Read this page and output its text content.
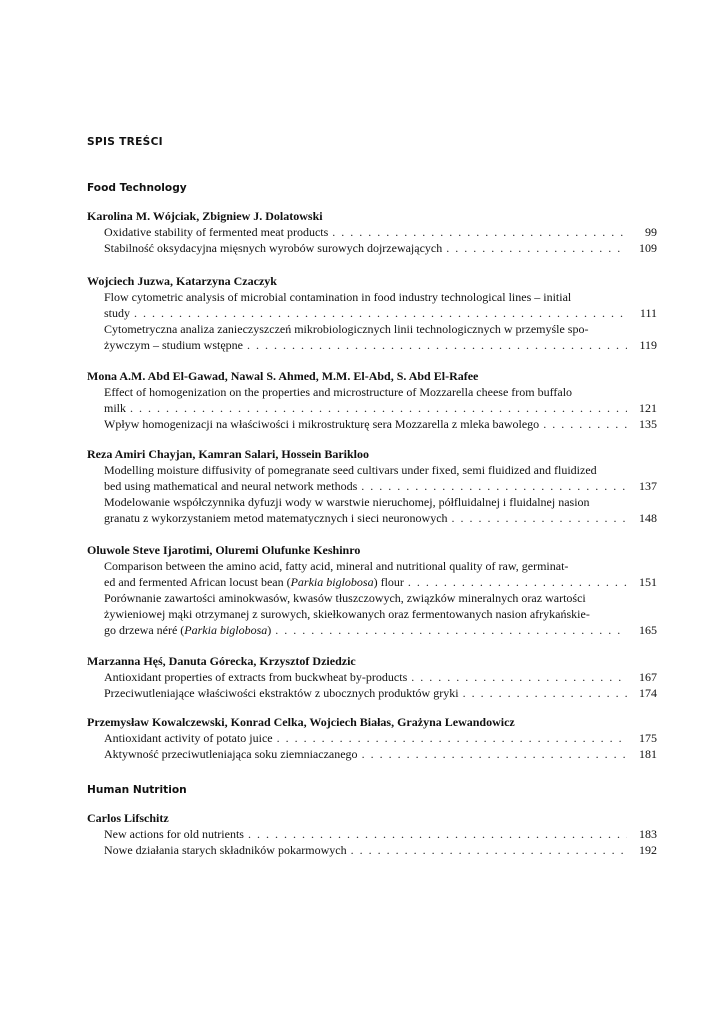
SPIS TREŚCI
Food Technology

Karolina M. Wójciak, Zbigniew J. Dolatowski

Oxidative stability of fermented meat products . . .	99
Stabilność oksydacyjna mięsnych wyrobów surowych dojrzewających . . .	109

Wojciech Juzwa, Katarzyna Czaczyk

Flow cytometric analysis of microbial contamination in food industry technological lines – initial
study . . .	111
Cytometryczna analiza zanieczyszczeń mikrobiologicznych linii technologicznych w przemyśle spo-
żywczym – studium wstępne . . .	119

Mona A.M. Abd El-Gawad, Nawal S. Ahmed, M.M. El-Abd, S. Abd El-Rafee

Effect of homogenization on the properties and microstructure of Mozzarella cheese from buffalo
milk . . .	121
Wpływ homogenizacji na właściwości i mikrostrukturę sera Mozzarella z mleka bawolego . . .	135

Reza Amiri Chayjan, Kamran Salari, Hossein Barikloo

Modelling moisture diffusivity of pomegranate seed cultivars under fixed, semi fluidized and fluidized
bed using mathematical and neural network methods . . .	137
Modelowanie współczynnika dyfuzji wody w warstwie nieruchomej, półfluidalnej i fluidalnej nasion
granatu z wykorzystaniem metod matematycznych i sieci neuronowych . . .	148

Oluwole Steve Ijarotimi, Oluremi Olufunke Keshinro

Comparison between the amino acid, fatty acid, mineral and nutritional quality of raw, germinat-
ed and fermented African locust bean (Parkia biglobosa) flour . . .	151
Porównanie zawartości aminokwasów, kwasów tłuszczowych, związków mineralnych oraz wartości
żywieniowej mąki otrzymanej z surowych, skiełkowanych oraz fermentowanych nasion afrykańskie-
go drzewa néré (Parkia biglobosa) . . .	165

Marzanna Hęś, Danuta Górecka, Krzysztof Dziedzic

Antioxidant properties of extracts from buckwheat by-products . . .	167
Przeciwutleniające właściwości ekstraktów z ubocznych produktów gryki . . .	174

Przemysław Kowalczewski, Konrad Celka, Wojciech Białas, Grażyna Lewandowicz

Antioxidant activity of potato juice . . .	175
Aktywność przeciwutleniająca soku ziemniaczanego . . .	181
Human Nutrition

Carlos Lifschitz

New actions for old nutrients . . .	183
Nowe działania starych składników pokarmowych . . .	192
